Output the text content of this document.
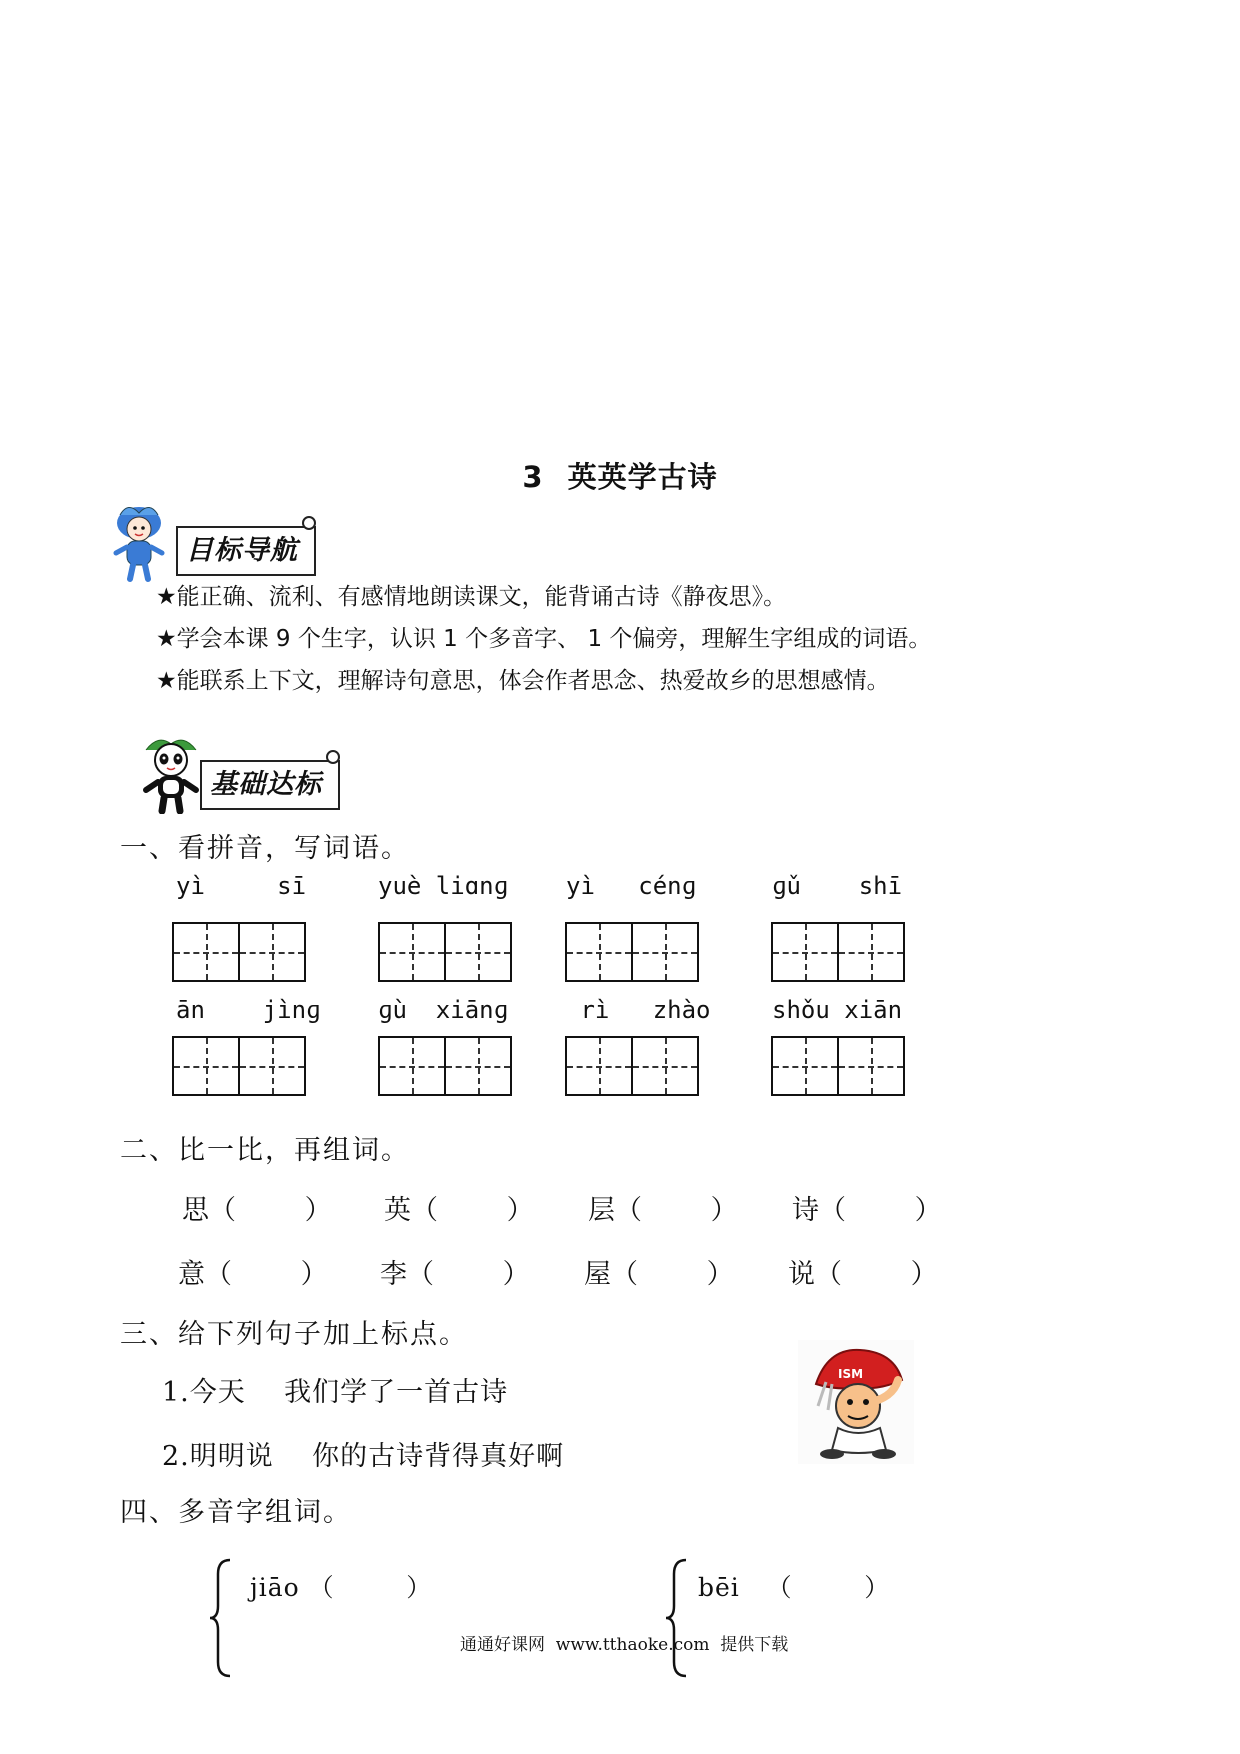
3 英英学古诗
目标导航
★能正确、流利、有感情地朗读课文，能背诵古诗《静夜思》。
★学会本课 9 个生字，认识 1 个多音字、 1 个偏旁，理解生字组成的词语。
★能联系上下文，理解诗句意思，体会作者思念、热爱故乡的思想感情。
基础达标
一、看拼音，写词语。
yì     sī	yuè liɑnɡ yì   cénɡ	ɡǔ    shī
ān    jìnɡ ɡù  xiānɡ rì   zhào	shǒu xiān
二、比一比，再组词。
思（        ） 英（        ） 层（        ） 诗（        ）
意（        ） 李（        ） 屋（        ） 说（        ）
三、给下列句子加上标点。
1.今天    我们学了一首古诗
2.明明说    你的古诗背得真好啊
ISM
四、多音字组词。
jiāo （        ）	bēi   （        ）
通通好课网  www.tthaoke.com  提供下载
